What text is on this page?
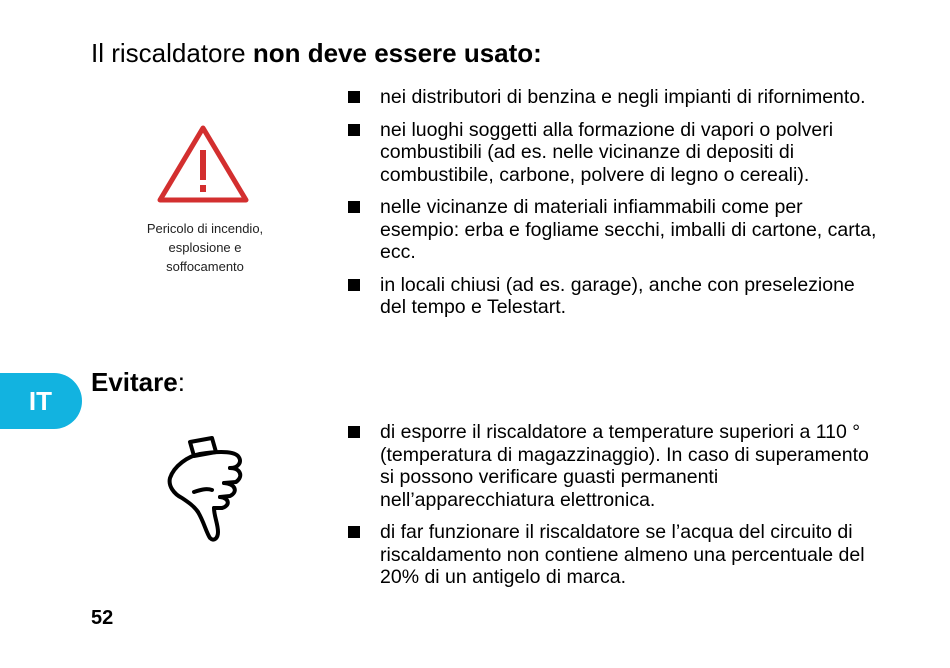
Il riscaldatore non deve essere usato:
Pericolo di incendio,
esplosione e
soffocamento
nei distributori di benzina e negli impianti di rifornimento.
nei luoghi soggetti alla formazione di vapori o polveri combustibili (ad es. nelle vicinanze di depositi di combustibile, carbone, polvere di legno o cereali).
nelle vicinanze di materiali infiammabili come per esempio: erba e fogliame secchi, imballi di cartone, carta, ecc.
in locali chiusi (ad es. garage), anche con preselezione del tempo e Telestart.
IT
Evitare:
di esporre il riscaldatore a temperature superiori a 110 ° (temperatura di magazzinaggio). In caso di superamento si possono verificare guasti permanenti nell’apparecchiatura elettronica.
di far funzionare il riscaldatore se l’acqua del circuito di riscaldamento non contiene almeno una percentuale del 20% di un antigelo di marca.
52
